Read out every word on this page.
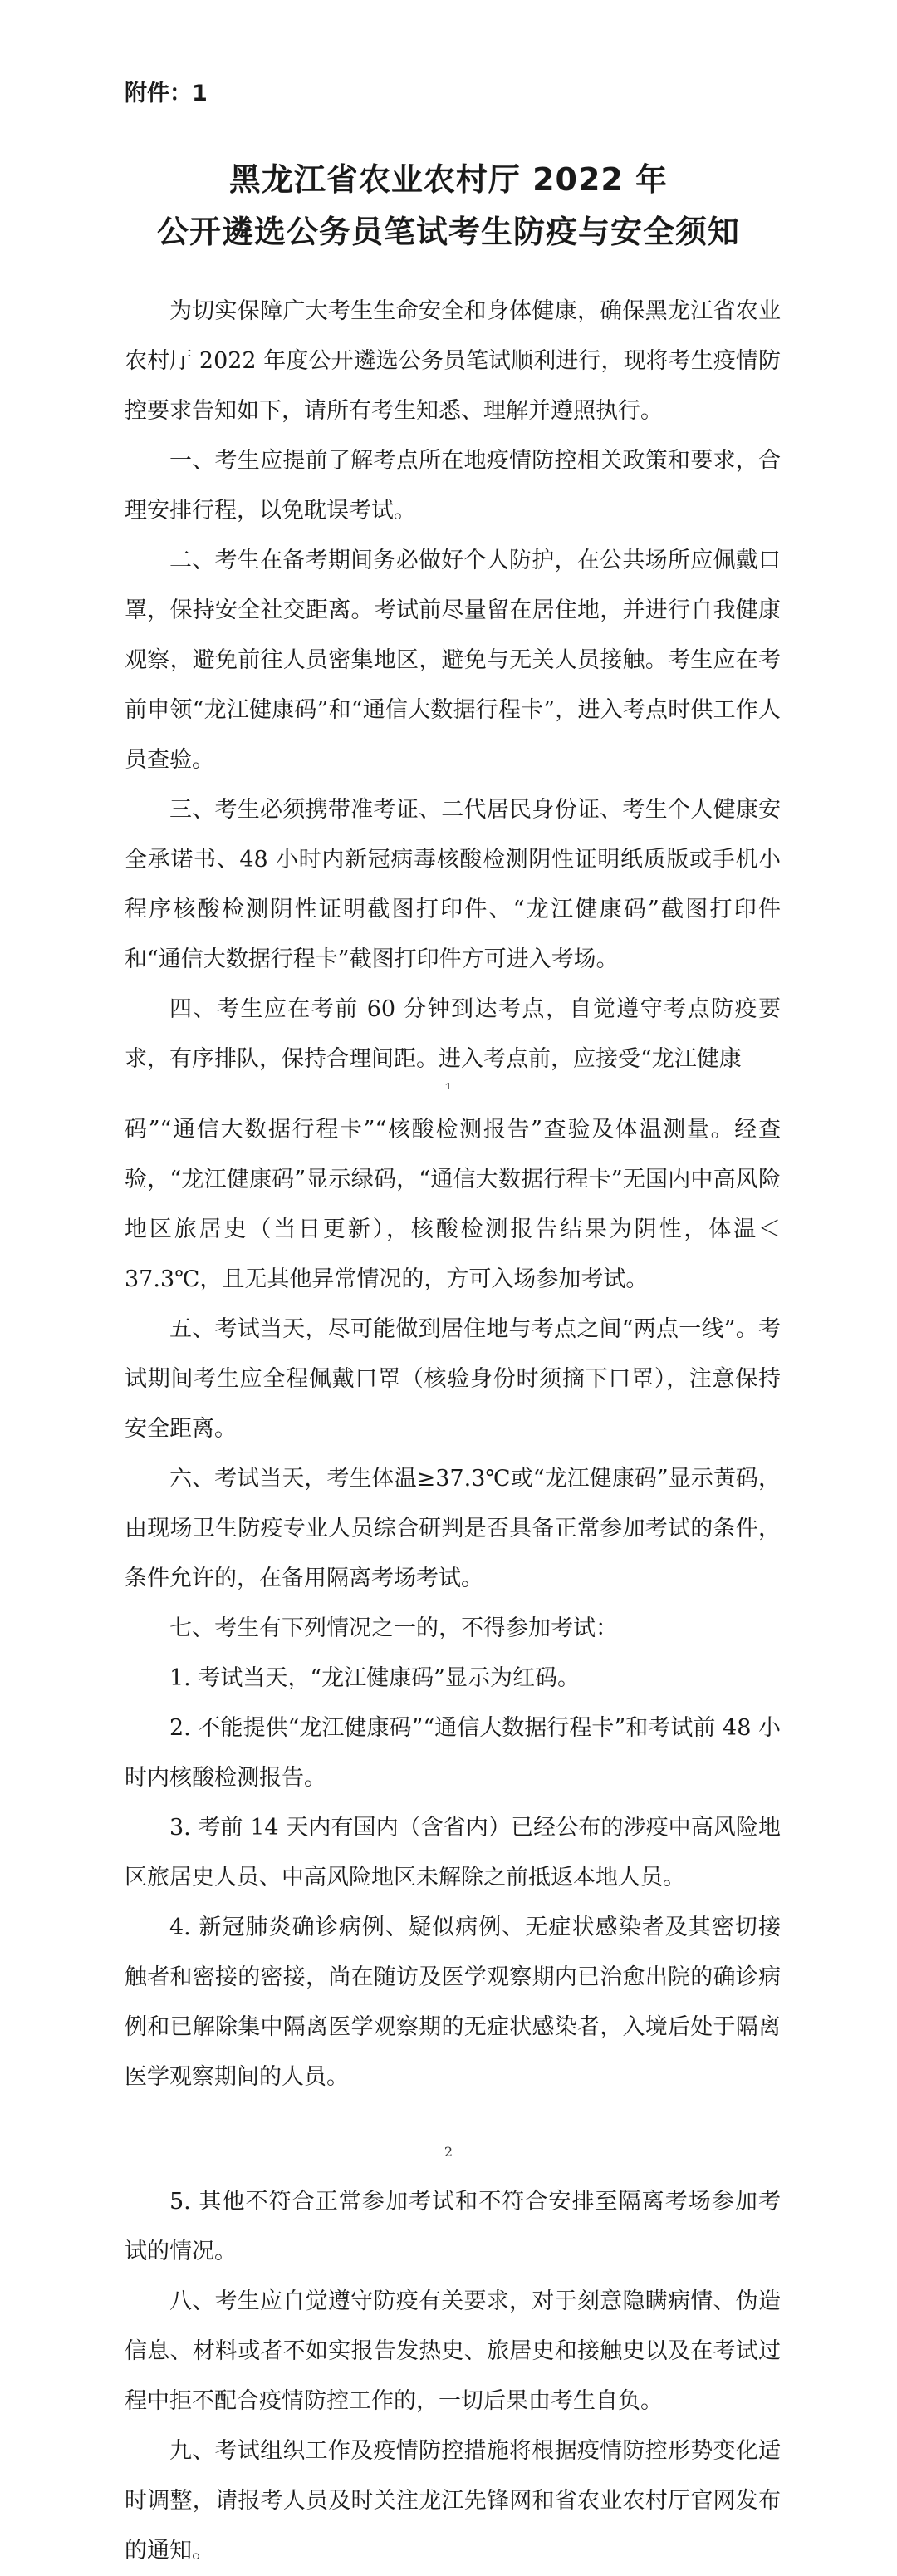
附件：1
黑龙江省农业农村厅 2022 年
公开遴选公务员笔试考生防疫与安全须知

为切实保障广大考生生命安全和身体健康，确保黑龙江省农业农村厅 2022 年度公开遴选公务员笔试顺利进行，现将考生疫情防控要求告知如下，请所有考生知悉、理解并遵照执行。

一、考生应提前了解考点所在地疫情防控相关政策和要求，合理安排行程，以免耽误考试。

二、考生在备考期间务必做好个人防护，在公共场所应佩戴口罩，保持安全社交距离。考试前尽量留在居住地，并进行自我健康观察，避免前往人员密集地区，避免与无关人员接触。考生应在考前申领“龙江健康码”和“通信大数据行程卡”，进入考点时供工作人员查验。

三、考生必须携带准考证、二代居民身份证、考生个人健康安全承诺书、48 小时内新冠病毒核酸检测阴性证明纸质版或手机小程序核酸检测阴性证明截图打印件、“龙江健康码”截图打印件和“通信大数据行程卡”截图打印件方可进入考场。

四、考生应在考前 60 分钟到达考点，自觉遵守考点防疫要求，有序排队，保持合理间距。进入考点前，应接受“龙江健康

码”“通信大数据行程卡”“核酸检测报告”查验及体温测量。经查验，“龙江健康码”显示绿码，“通信大数据行程卡”无国内中高风险地区旅居史（当日更新），核酸检测报告结果为阴性，体温＜37.3℃，且无其他异常情况的，方可入场参加考试。

五、考试当天，尽可能做到居住地与考点之间“两点一线”。考试期间考生应全程佩戴口罩（核验身份时须摘下口罩），注意保持安全距离。

六、考试当天，考生体温≥37.3℃或“龙江健康码”显示黄码，由现场卫生防疫专业人员综合研判是否具备正常参加考试的条件，条件允许的，在备用隔离考场考试。

七、考生有下列情况之一的，不得参加考试：

1. 考试当天，“龙江健康码”显示为红码。

2. 不能提供“龙江健康码”“通信大数据行程卡”和考试前 48 小时内核酸检测报告。

3. 考前 14 天内有国内（含省内）已经公布的涉疫中高风险地区旅居史人员、中高风险地区未解除之前抵返本地人员。

4. 新冠肺炎确诊病例、疑似病例、无症状感染者及其密切接触者和密接的密接，尚在随访及医学观察期内已治愈出院的确诊病例和已解除集中隔离医学观察期的无症状感染者，入境后处于隔离医学观察期间的人员。

2

5. 其他不符合正常参加考试和不符合安排至隔离考场参加考试的情况。

八、考生应自觉遵守防疫有关要求，对于刻意隐瞒病情、伪造信息、材料或者不如实报告发热史、旅居史和接触史以及在考试过程中拒不配合疫情防控工作的，一切后果由考生自负。

九、考试组织工作及疫情防控措施将根据疫情防控形势变化适时调整，请报考人员及时关注龙江先锋网和省农业农村厅官网发布的通知。
